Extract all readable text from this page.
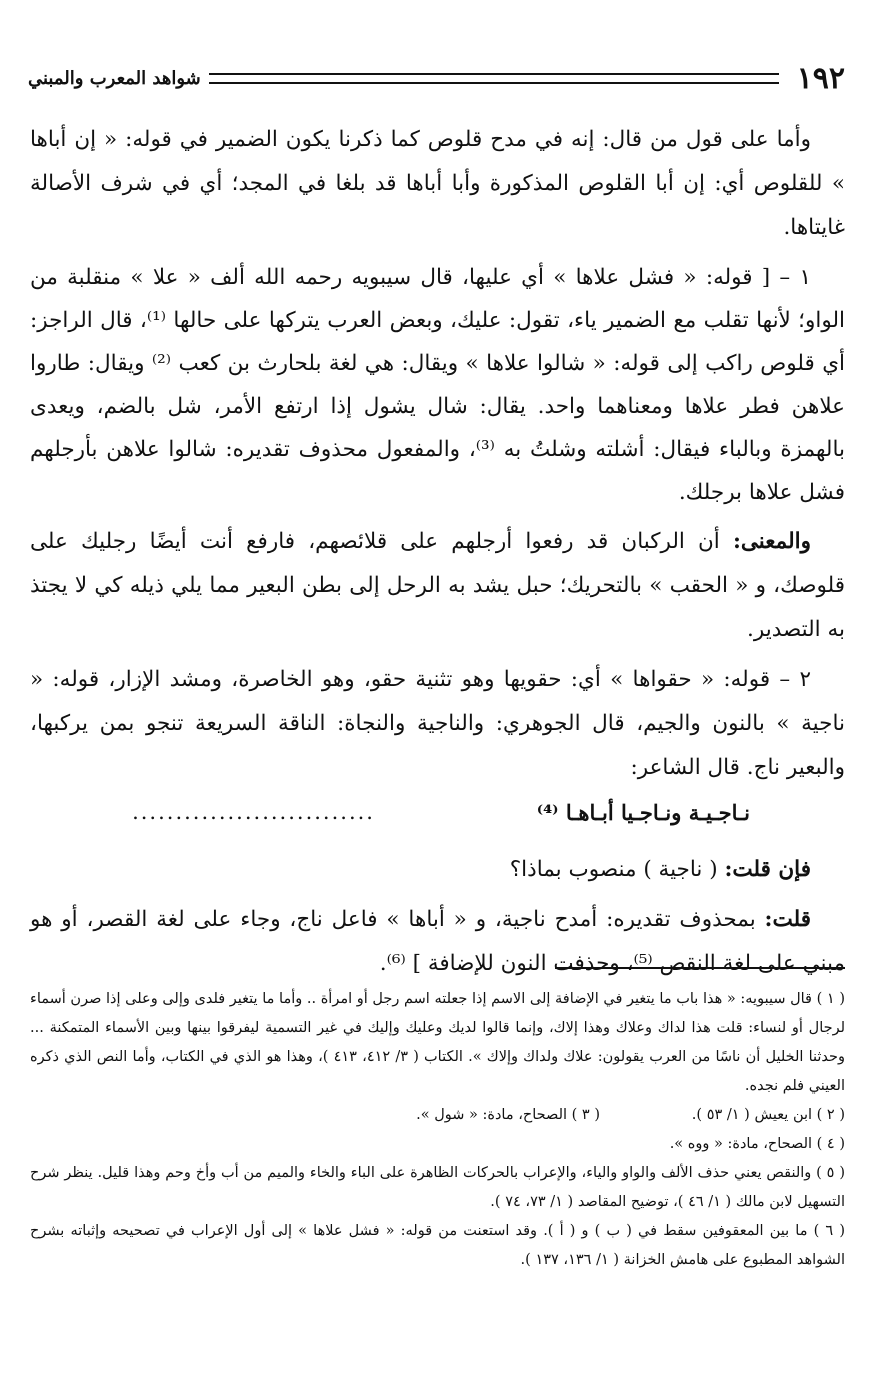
١٩٢
شواهد المعرب والمبني

وأما على قول من قال: إنه في مدح قلوص كما ذكرنا يكون الضمير في قوله: « إن أباها » للقلوص أي: إن أبا القلوص المذكورة وأبا أباها قد بلغا في المجد؛ أي في شرف الأصالة غايتاها.

١ – [ قوله: « فشل علاها » أي عليها، قال سيبويه رحمه الله ألف « علا » منقلبة من الواو؛ لأنها تقلب مع الضمير ياء، تقول: عليك، وبعض العرب يتركها على حالها ⁽¹⁾، قال الراجز: أي قلوص راكب إلى قوله: « شالوا علاها » ويقال: هي لغة بلحارث بن كعب ⁽²⁾ ويقال: طاروا علاهن فطر علاها ومعناهما واحد. يقال: شال يشول إذا ارتفع الأمر، شل بالضم، ويعدى بالهمزة وبالباء فيقال: أشلته وشلتُ به ⁽³⁾، والمفعول محذوف تقديره: شالوا علاهن بأرجلهم فشل علاها برجلك.

والمعنى: أن الركبان قد رفعوا أرجلهم على قلائصهم، فارفع أنت أيضًا رجليك على قلوصك، و « الحقب » بالتحريك؛ حبل يشد به الرحل إلى بطن البعير مما يلي ذيله كي لا يجتذ به التصدير.

٢ – قوله: « حقواها » أي: حقويها وهو تثنية حقو، وهو الخاصرة، ومشد الإزار، قوله: « ناجية » بالنون والجيم، قال الجوهري: والناجية والنجاة: الناقة السريعة تنجو بمن يركبها، والبعير ناج. قال الشاعر:

نـاجـيـة ونـاجـيا أبـاهـا ⁽⁴⁾
............................

فإن قلت: ( ناجية ) منصوب بماذا؟

قلت: بمحذوف تقديره: أمدح ناجية، و « أباها » فاعل ناج، وجاء على لغة القصر، أو هو مبني على لغة النقص ⁽⁵⁾، وحذفت النون للإضافة ] ⁽⁶⁾.

( ١ ) قال سيبويه: « هذا باب ما يتغير في الإضافة إلى الاسم إذا جعلته اسم رجل أو امرأة .. وأما ما يتغير فلدى وإلى وعلى إذا صرن أسماء لرجال أو لنساء: قلت هذا لداك وعلاك وهذا إلاك، وإنما قالوا لديك وعليك وإليك في غير التسمية ليفرقوا بينها وبين الأسماء المتمكنة ... وحدثنا الخليل أن ناسًا من العرب يقولون: علاك ولداك وإلاك ». الكتاب ( ٣/ ٤١٢، ٤١٣ )، وهذا هو الذي في الكتاب، وأما النص الذي ذكره العيني فلم نجده.

( ٢ ) ابن يعيش ( ١/ ٥٣ ).
( ٣ ) الصحاح، مادة: « شول ».

( ٤ ) الصحاح، مادة: « ووه ».

( ٥ ) والنقص يعني حذف الألف والواو والياء، والإعراب بالحركات الظاهرة على الباء والخاء والميم من أب وأخ وحم وهذا قليل. ينظر شرح التسهيل لابن مالك ( ١/ ٤٦ )، توضيح المقاصد ( ١/ ٧٣، ٧٤ ).

( ٦ ) ما بين المعقوفين سقط في ( ب ) و ( أ ). وقد استعنت من قوله: « فشل علاها » إلى أول الإعراب في تصحيحه وإثباته بشرح الشواهد المطبوع على هامش الخزانة ( ١/ ١٣٦، ١٣٧ ).
